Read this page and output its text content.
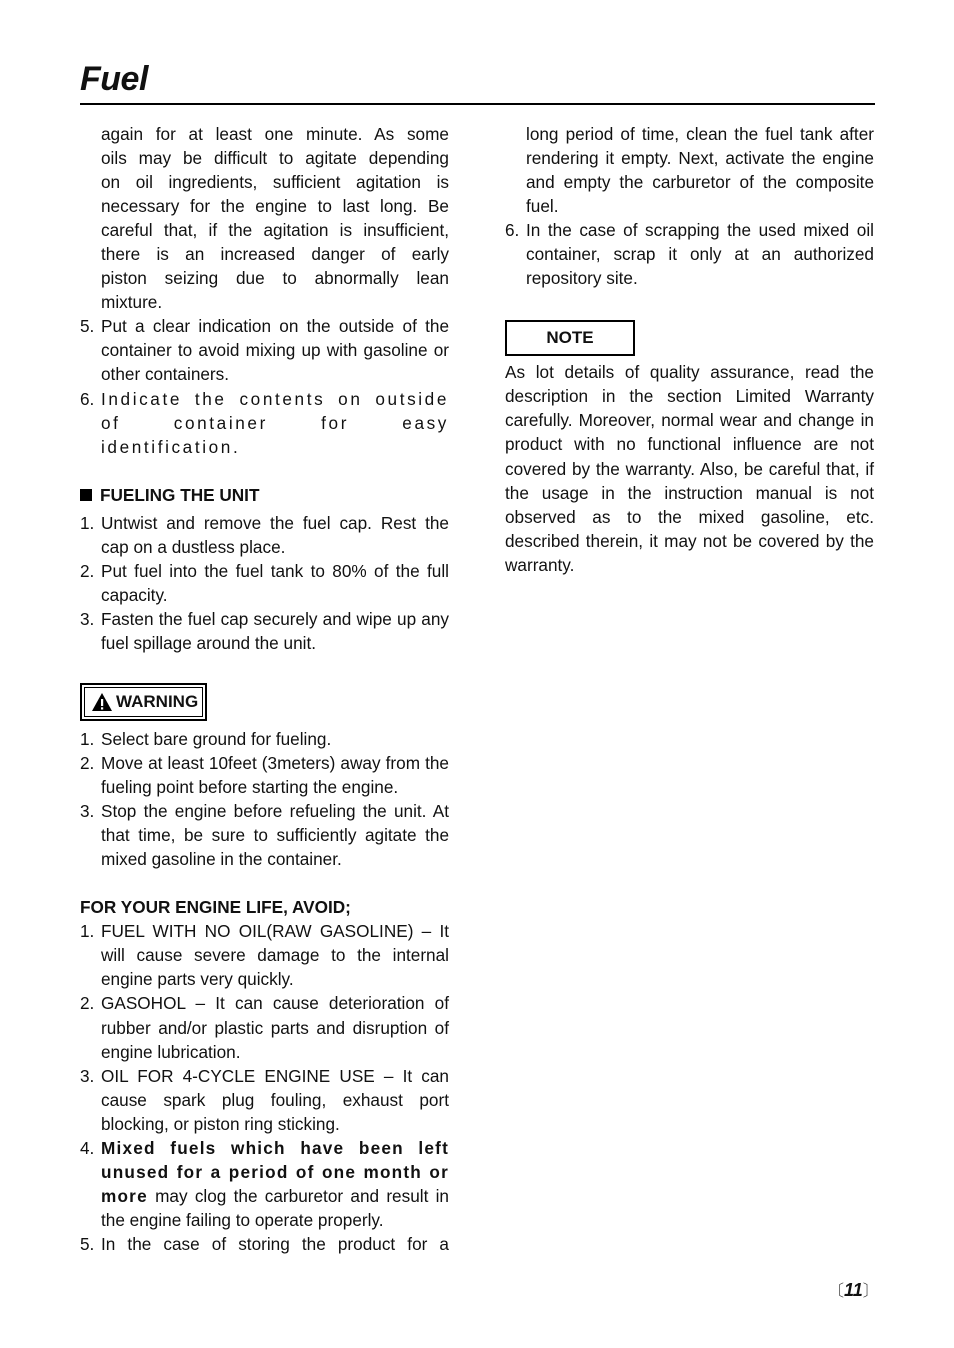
Fuel
again for at least one minute. As some
oils may be difficult to agitate depending
on oil ingredients, sufficient agitation is
necessary for the engine to last long. Be
careful that, if the agitation is insufficient,
there is an increased danger of early
piston seizing due to abnormally lean
mixture.
5. Put a clear indication on the outside of the container to avoid mixing up with gasoline or other containers.
6. Indicate the contents on outside of container for easy identification.
FUELING THE UNIT
1. Untwist and remove the fuel cap. Rest the cap on a dustless place.
2. Put fuel into the fuel tank to 80% of the full capacity.
3. Fasten the fuel cap securely and wipe up any fuel spillage around the unit.
WARNING
1. Select bare ground for fueling.
2. Move at least 10feet (3meters) away from the fueling point before starting the engine.
3. Stop the engine before refueling the unit. At that time, be sure to sufficiently agitate the mixed gasoline in the container.
FOR YOUR ENGINE LIFE, AVOID;
1. FUEL WITH NO OIL(RAW GASOLINE) – It will cause severe damage to the internal engine parts very quickly.
2. GASOHOL – It can cause deterioration of rubber and/or plastic parts and disruption of engine lubrication.
3. OIL FOR 4-CYCLE ENGINE USE – It can cause spark plug fouling, exhaust port blocking, or piston ring sticking.
4. Mixed fuels which have been left unused for a period of one month or more may clog the carburetor and result in the engine failing to operate properly.
5. In the case of storing the product for a
long period of time, clean the fuel tank after rendering it empty. Next, activate the engine and empty the carburetor of the composite fuel.
6. In the case of scrapping the used mixed oil container, scrap it only at an authorized repository site.
NOTE
As lot details of quality assurance, read the description in the section Limited Warranty carefully. Moreover, normal wear and change in product with no functional influence are not covered by the warranty. Also, be careful that, if the usage in the instruction manual is not observed as to the mixed gasoline, etc. described therein, it may not be covered by the warranty.
〔11〕
